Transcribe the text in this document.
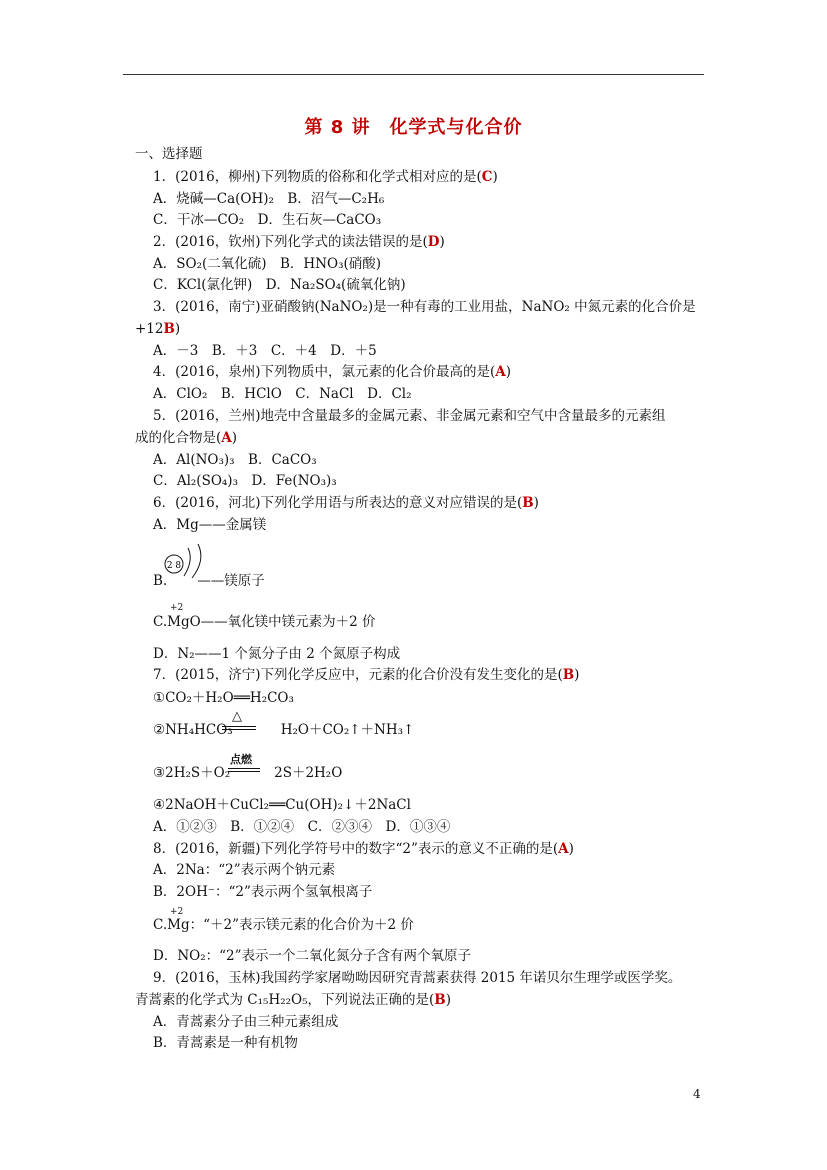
第 8 讲　化学式与化合价
一、选择题
1．(2016，柳州)下列物质的俗称和化学式相对应的是(C)
A．烧碱—Ca(OH)₂　B．沼气—C₂H₆
C．干冰—CO₂　D．生石灰—CaCO₃
2．(2016，钦州)下列化学式的读法错误的是(D)
A．SO₂(二氧化硫)　B．HNO₃(硝酸)
C．KCl(氯化钾)　D．Na₂SO₄(硫氧化钠)
3．(2016，南宁)亚硝酸钠(NaNO₂)是一种有毒的工业用盐，NaNO₂ 中氮元素的化合价是
+12B)
A．－3　B．＋3　C．＋4　D．＋5
4．(2016，泉州)下列物质中，氯元素的化合价最高的是(A)
A．ClO₂　B．HClO　C．NaCl　D．Cl₂
5．(2016，兰州)地壳中含量最多的金属元素、非金属元素和空气中含量最多的元素组
成的化合物是(A)
A．Al(NO₃)₃　B．CaCO₃
C．Al₂(SO₄)₃　D．Fe(NO₃)₃
6．(2016，河北)下列化学用语与所表达的意义对应错误的是(B)
A．Mg——金属镁
2 8
B. ——镁原子
+2
C.MgO——氧化镁中镁元素为＋2 价
D．N₂——1 个氮分子由 2 个氮原子构成
7．(2015，济宁)下列化学反应中，元素的化合价没有发生变化的是(B)
①CO₂＋H₂O══H₂CO₃
△
②NH₄HCO₃	H₂O＋CO₂↑＋NH₃↑
点燃
③2H₂S＋O₂	2S＋2H₂O
④2NaOH＋CuCl₂══Cu(OH)₂↓＋2NaCl
A．①②③　B．①②④　C．②③④　D．①③④
8．(2016，新疆)下列化学符号中的数字“2”表示的意义不正确的是(A)
A．2Na：“2”表示两个钠元素
B．2OH⁻：“2”表示两个氢氧根离子
+2
C.Mg：“＋2”表示镁元素的化合价为＋2 价
D．NO₂：“2”表示一个二氧化氮分子含有两个氧原子
9．(2016，玉林)我国药学家屠呦呦因研究青蒿素获得 2015 年诺贝尔生理学或医学奖。
青蒿素的化学式为 C₁₅H₂₂O₅，下列说法正确的是(B)
A．青蒿素分子由三种元素组成
B．青蒿素是一种有机物
4
